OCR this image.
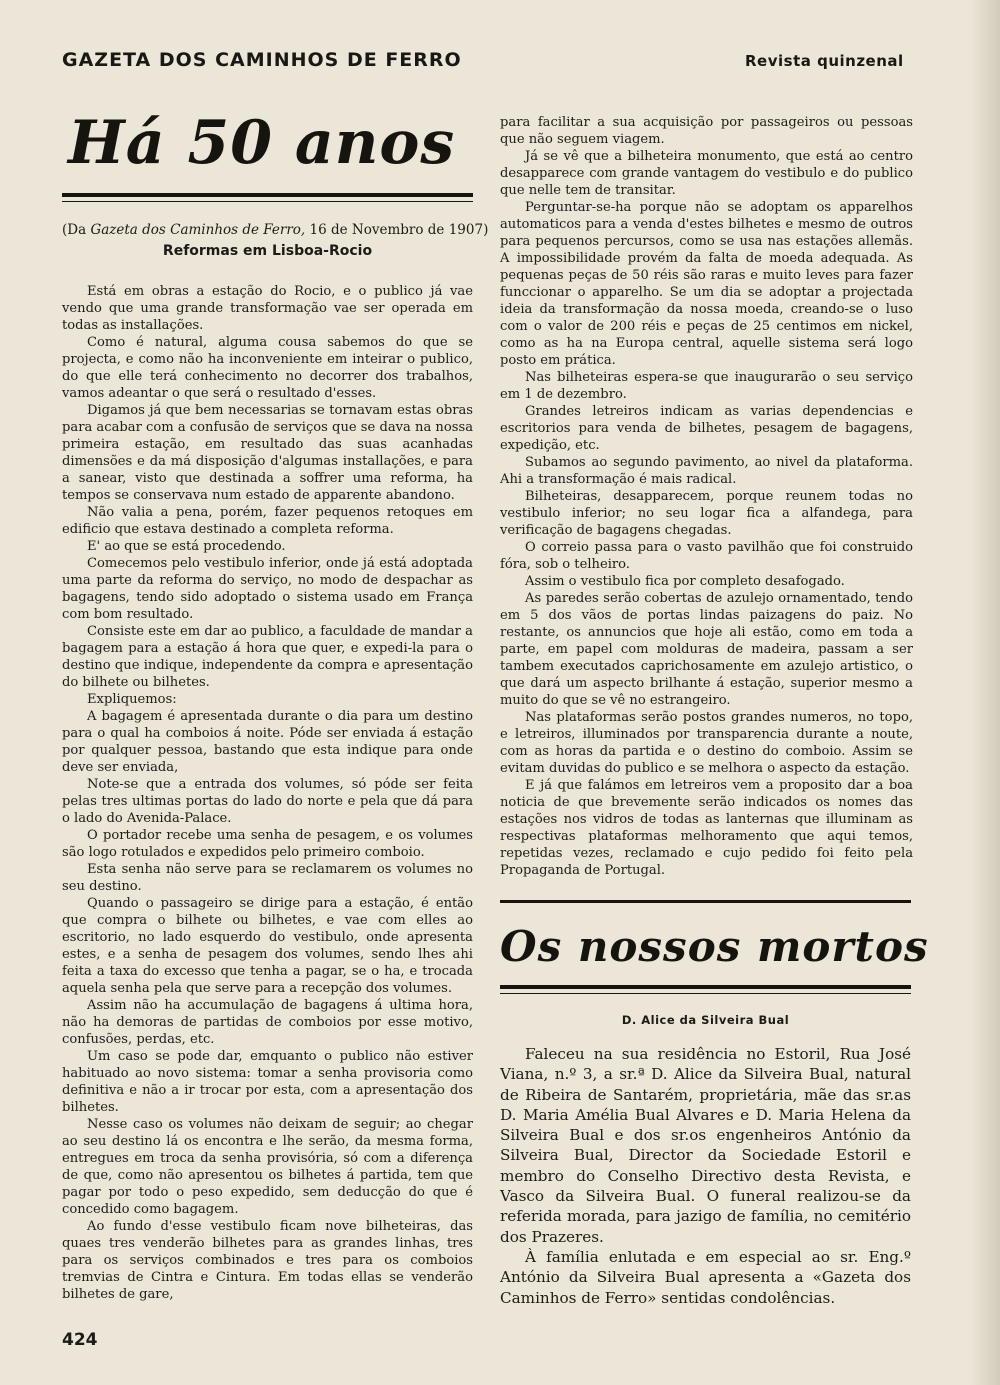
GAZETA DOS CAMINHOS DE FERRO	Revista quinzenal
Há 50 anos
(Da Gazeta dos Caminhos de Ferro, 16 de Novembro de 1907)
Reformas em Lisboa-Rocio

Está em obras a estação do Rocio, e o publico já vae vendo que uma grande transformação vae ser operada em todas as installações.

Como é natural, alguma cousa sabemos do que se projecta, e como não ha inconveniente em inteirar o publico, do que elle terá conhecimento no decorrer dos trabalhos, vamos adeantar o que será o resultado d'esses.

Digamos já que bem necessarias se tornavam estas obras para acabar com a confusão de serviços que se dava na nossa primeira estação, em resultado das suas acanhadas dimensões e da má disposição d'algumas installações, e para a sanear, visto que destinada a soffrer uma reforma, ha tempos se conservava num estado de apparente abandono.

Não valia a pena, porém, fazer pequenos retoques em edificio que estava destinado a completa reforma.

E' ao que se está procedendo.

Comecemos pelo vestibulo inferior, onde já está adoptada uma parte da reforma do serviço, no modo de despachar as bagagens, tendo sido adoptado o sistema usado em França com bom resultado.

Consiste este em dar ao publico, a faculdade de mandar a bagagem para a estação á hora que quer, e expedi-la para o destino que indique, independente da compra e apresentação do bilhete ou bilhetes.

Expliquemos:

A bagagem é apresentada durante o dia para um destino para o qual ha comboios á noite. Póde ser enviada á estação por qualquer pessoa, bastando que esta indique para onde deve ser enviada,

Note-se que a entrada dos volumes, só póde ser feita pelas tres ultimas portas do lado do norte e pela que dá para o lado do Avenida-Palace.

O portador recebe uma senha de pesagem, e os volumes são logo rotulados e expedidos pelo primeiro comboio.

Esta senha não serve para se reclamarem os volumes no seu destino.

Quando o passageiro se dirige para a estação, é então que compra o bilhete ou bilhetes, e vae com elles ao escritorio, no lado esquerdo do vestibulo, onde apresenta estes, e a senha de pesagem dos volumes, sendo lhes ahi feita a taxa do excesso que tenha a pagar, se o ha, e trocada aquela senha pela que serve para a recepção dos volumes.

Assim não ha accumulação de bagagens á ultima hora, não ha demoras de partidas de comboios por esse motivo, confusões, perdas, etc.

Um caso se pode dar, emquanto o publico não estiver habituado ao novo sistema: tomar a senha provisoria como definitiva e não a ir trocar por esta, com a apresentação dos bilhetes.

Nesse caso os volumes não deixam de seguir; ao chegar ao seu destino lá os encontra e lhe serão, da mesma forma, entregues em troca da senha provisória, só com a diferença de que, como não apresentou os bilhetes á partida, tem que pagar por todo o peso expedido, sem deducção do que é concedido como bagagem.

Ao fundo d'esse vestibulo ficam nove bilheteiras, das quaes tres venderão bilhetes para as grandes linhas, tres para os serviços combinados e tres para os comboios tremvias de Cintra e Cintura. Em todas ellas se venderão bilhetes de gare,

para facilitar a sua acquisição por passageiros ou pessoas que não seguem viagem.

Já se vê que a bilheteira monumento, que está ao centro desapparece com grande vantagem do vestibulo e do publico que nelle tem de transitar.

Perguntar-se-ha porque não se adoptam os apparelhos automaticos para a venda d'estes bilhetes e mesmo de outros para pequenos percursos, como se usa nas estações allemãs. A impossibilidade provém da falta de moeda adequada. As pequenas peças de 50 réis são raras e muito leves para fazer funccionar o apparelho. Se um dia se adoptar a projectada ideia da transformação da nossa moeda, creando-se o luso com o valor de 200 réis e peças de 25 centimos em nickel, como as ha na Europa central, aquelle sistema será logo posto em prática.

Nas bilheteiras espera-se que inaugurarão o seu serviço em 1 de dezembro.

Grandes letreiros indicam as varias dependencias e escritorios para venda de bilhetes, pesagem de bagagens, expedição, etc.

Subamos ao segundo pavimento, ao nivel da plataforma. Ahi a transformação é mais radical.

Bilheteiras, desapparecem, porque reunem todas no vestibulo inferior; no seu logar fica a alfandega, para verificação de bagagens chegadas.

O correio passa para o vasto pavilhão que foi construido fóra, sob o telheiro.

Assim o vestibulo fica por completo desafogado.

As paredes serão cobertas de azulejo ornamentado, tendo em 5 dos vãos de portas lindas paizagens do paiz. No restante, os annuncios que hoje ali estão, como em toda a parte, em papel com molduras de madeira, passam a ser tambem executados caprichosamente em azulejo artistico, o que dará um aspecto brilhante á estação, superior mesmo a muito do que se vê no estrangeiro.

Nas plataformas serão postos grandes numeros, no topo, e letreiros, illuminados por transparencia durante a noute, com as horas da partida e o destino do comboio. Assim se evitam duvidas do publico e se melhora o aspecto da estação.

E já que falámos em letreiros vem a proposito dar a boa noticia de que brevemente serão indicados os nomes das estações nos vidros de todas as lanternas que illuminam as respectivas plataformas melhoramento que aqui temos, repetidas vezes, reclamado e cujo pedido foi feito pela Propaganda de Portugal.

Os nossos mortos
D. Alice da Silveira Bual

Faleceu na sua residência no Estoril, Rua José Viana, n.º 3, a sr.ª D. Alice da Silveira Bual, natural de Ribeira de Santarém, proprietária, mãe das sr.as D. Maria Amélia Bual Alvares e D. Maria Helena da Silveira Bual e dos sr.os engenheiros António da Silveira Bual, Director da Sociedade Estoril e membro do Conselho Directivo desta Revista, e Vasco da Silveira Bual. O funeral realizou-se da referida morada, para jazigo de família, no cemitério dos Prazeres.

À família enlutada e em especial ao sr. Eng.º António da Silveira Bual apresenta a «Gazeta dos Caminhos de Ferro» sentidas condolências.

424
